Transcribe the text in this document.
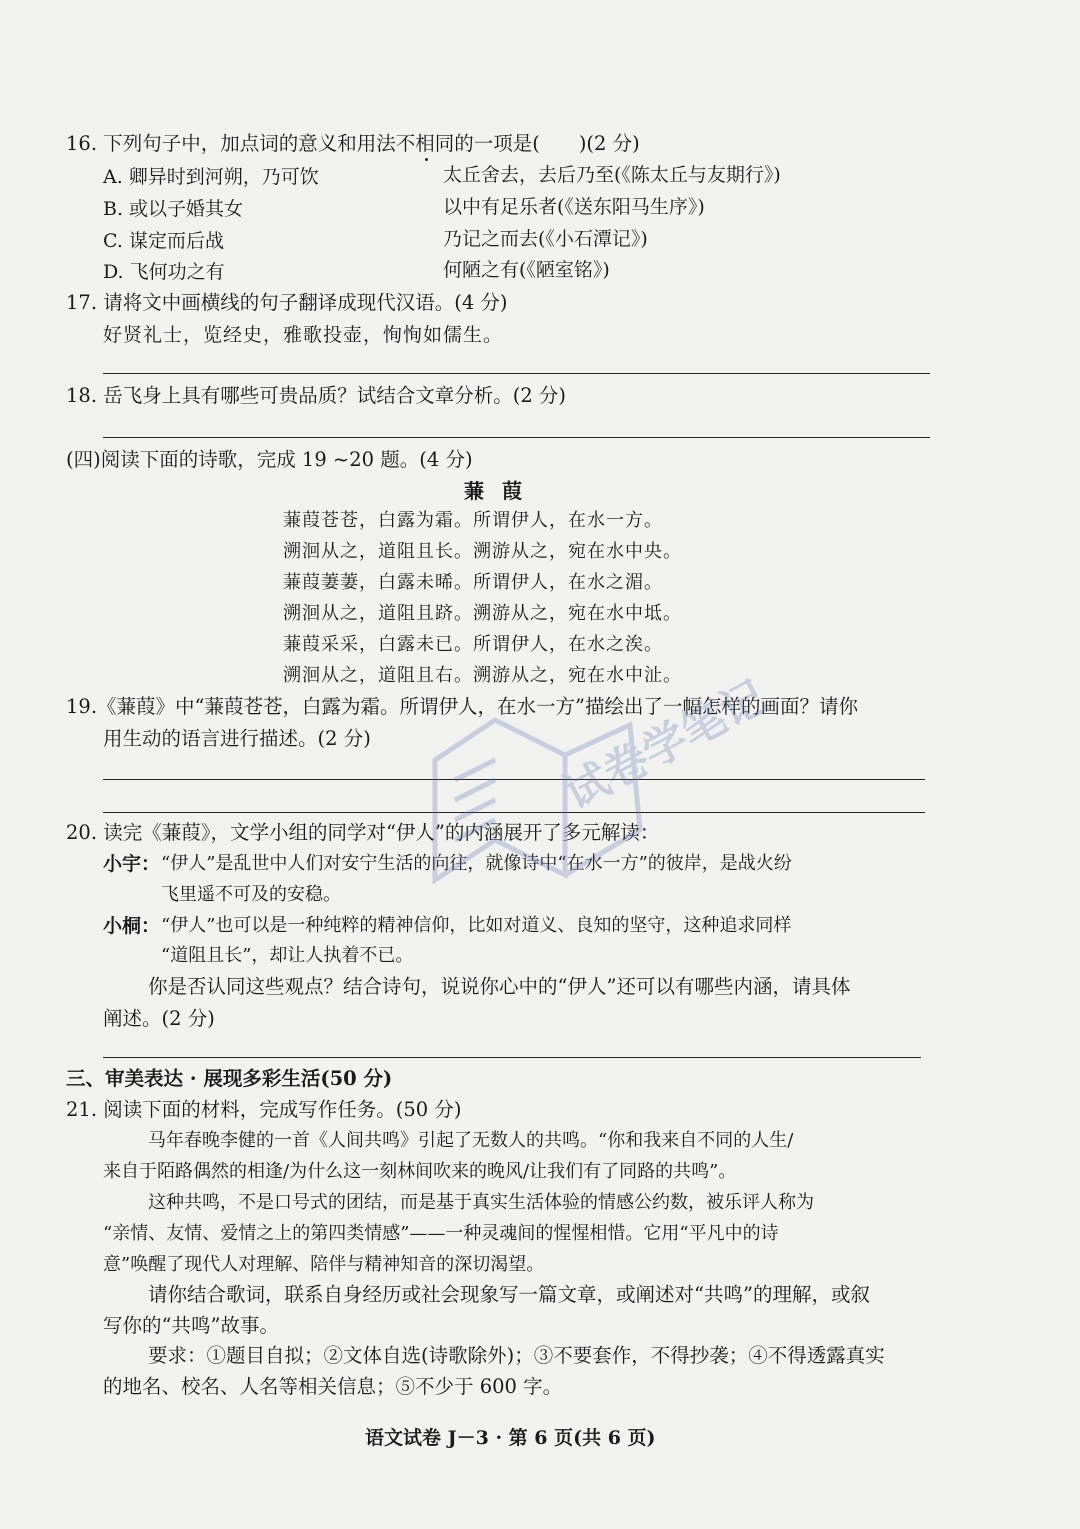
16. 下列句子中，加点词的意义和用法不相同的一项是(　　)(2 分)
A. 卿异时到河朔，乃可饮	太丘舍去，去后乃至(《陈太丘与友期行》)
B. 或以子婚其女	以中有足乐者(《送东阳马生序》)
C. 谋定而后战	乃记之而去(《小石潭记》)
D. 飞何功之有	何陋之有(《陋室铭》)
17. 请将文中画横线的句子翻译成现代汉语。(4 分)
好贤礼士，览经史，雅歌投壶，恂恂如儒生。
18. 岳飞身上具有哪些可贵品质？试结合文章分析。(2 分)
(四)阅读下面的诗歌，完成 19 ~20 题。(4 分)
蒹葭
蒹葭苍苍，白露为霜。所谓伊人，在水一方。
溯洄从之，道阻且长。溯游从之，宛在水中央。
蒹葭萋萋，白露未晞。所谓伊人，在水之湄。
溯洄从之，道阻且跻。溯游从之，宛在水中坻。
蒹葭采采，白露未已。所谓伊人，在水之涘。
溯洄从之，道阻且右。溯游从之，宛在水中沚。
19.《蒹葭》中“蒹葭苍苍，白露为霜。所谓伊人，在水一方”描绘出了一幅怎样的画面？请你
用生动的语言进行描述。(2 分)
20. 读完《蒹葭》，文学小组的同学对“伊人”的内涵展开了多元解读：
小宇： “伊人”是乱世中人们对安宁生活的向往，就像诗中“在水一方”的彼岸，是战火纷
飞里遥不可及的安稳。
小桐： “伊人”也可以是一种纯粹的精神信仰，比如对道义、良知的坚守，这种追求同样
“道阻且长”，却让人执着不已。
你是否认同这些观点？结合诗句，说说你心中的“伊人”还可以有哪些内涵，请具体
阐述。(2 分)
三、审美表达 · 展现多彩生活(50 分)
21. 阅读下面的材料，完成写作任务。(50 分)
马年春晚李健的一首《人间共鸣》引起了无数人的共鸣。“你和我来自不同的人生/
来自于陌路偶然的相逢/为什么这一刻林间吹来的晚风/让我们有了同路的共鸣”。
这种共鸣，不是口号式的团结，而是基于真实生活体验的情感公约数，被乐评人称为
“亲情、友情、爱情之上的第四类情感”——一种灵魂间的惺惺相惜。它用“平凡中的诗
意”唤醒了现代人对理解、陪伴与精神知音的深切渴望。
请你结合歌词，联系自身经历或社会现象写一篇文章，或阐述对“共鸣”的理解，或叙
写你的“共鸣”故事。
要求：①题目自拟；②文体自选(诗歌除外)；③不要套作，不得抄袭；④不得透露真实
的地名、校名、人名等相关信息；⑤不少于 600 字。
语文试卷 J－3 · 第 6 页(共 6 页)
试卷学笔记
